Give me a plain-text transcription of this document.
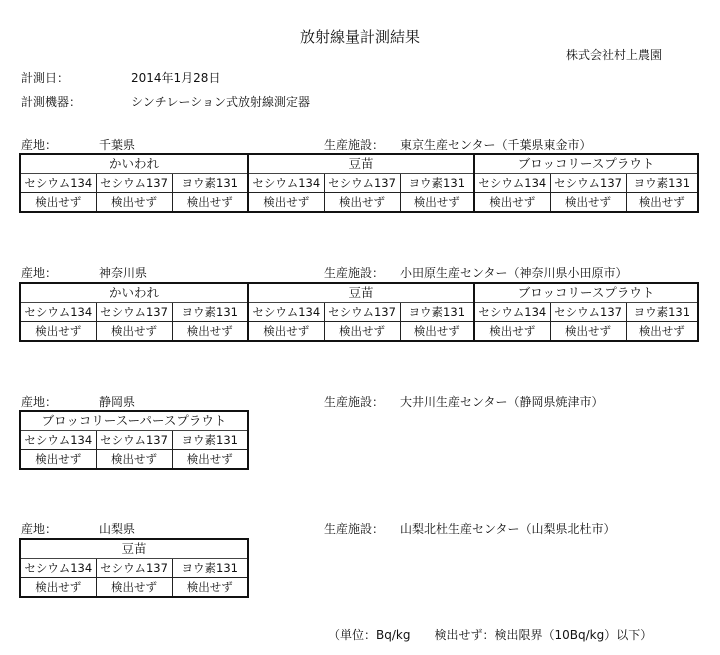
放射線量計測結果
株式会社村上農園
計測日：	2014年1月28日
計測機器：	シンチレーション式放射線測定器
産地：	千葉県	生産施設： 東京生産センター（千葉県東金市）
かいわれ			豆苗			ブロッコリースプラウト		
セシウム134	セシウム137	ヨウ素131	セシウム134	セシウム137	ヨウ素131	セシウム134	セシウム137	ヨウ素131
検出せず	検出せず	検出せず	検出せず	検出せず	検出せず	検出せず	検出せず	検出せず
産地：	神奈川県	生産施設： 小田原生産センター（神奈川県小田原市）
かいわれ			豆苗			ブロッコリースプラウト		
セシウム134	セシウム137	ヨウ素131	セシウム134	セシウム137	ヨウ素131	セシウム134	セシウム137	ヨウ素131
検出せず	検出せず	検出せず	検出せず	検出せず	検出せず	検出せず	検出せず	検出せず
産地：	静岡県	生産施設： 大井川生産センター（静岡県焼津市）
ブロッコリースーパースプラウト		
セシウム134	セシウム137	ヨウ素131
検出せず	検出せず	検出せず
産地：	山梨県	生産施設： 山梨北杜生産センター（山梨県北杜市）
豆苗		
セシウム134	セシウム137	ヨウ素131
検出せず	検出せず	検出せず
（単位：Bq/kg　　検出せず：検出限界（10Bq/kg）以下）
